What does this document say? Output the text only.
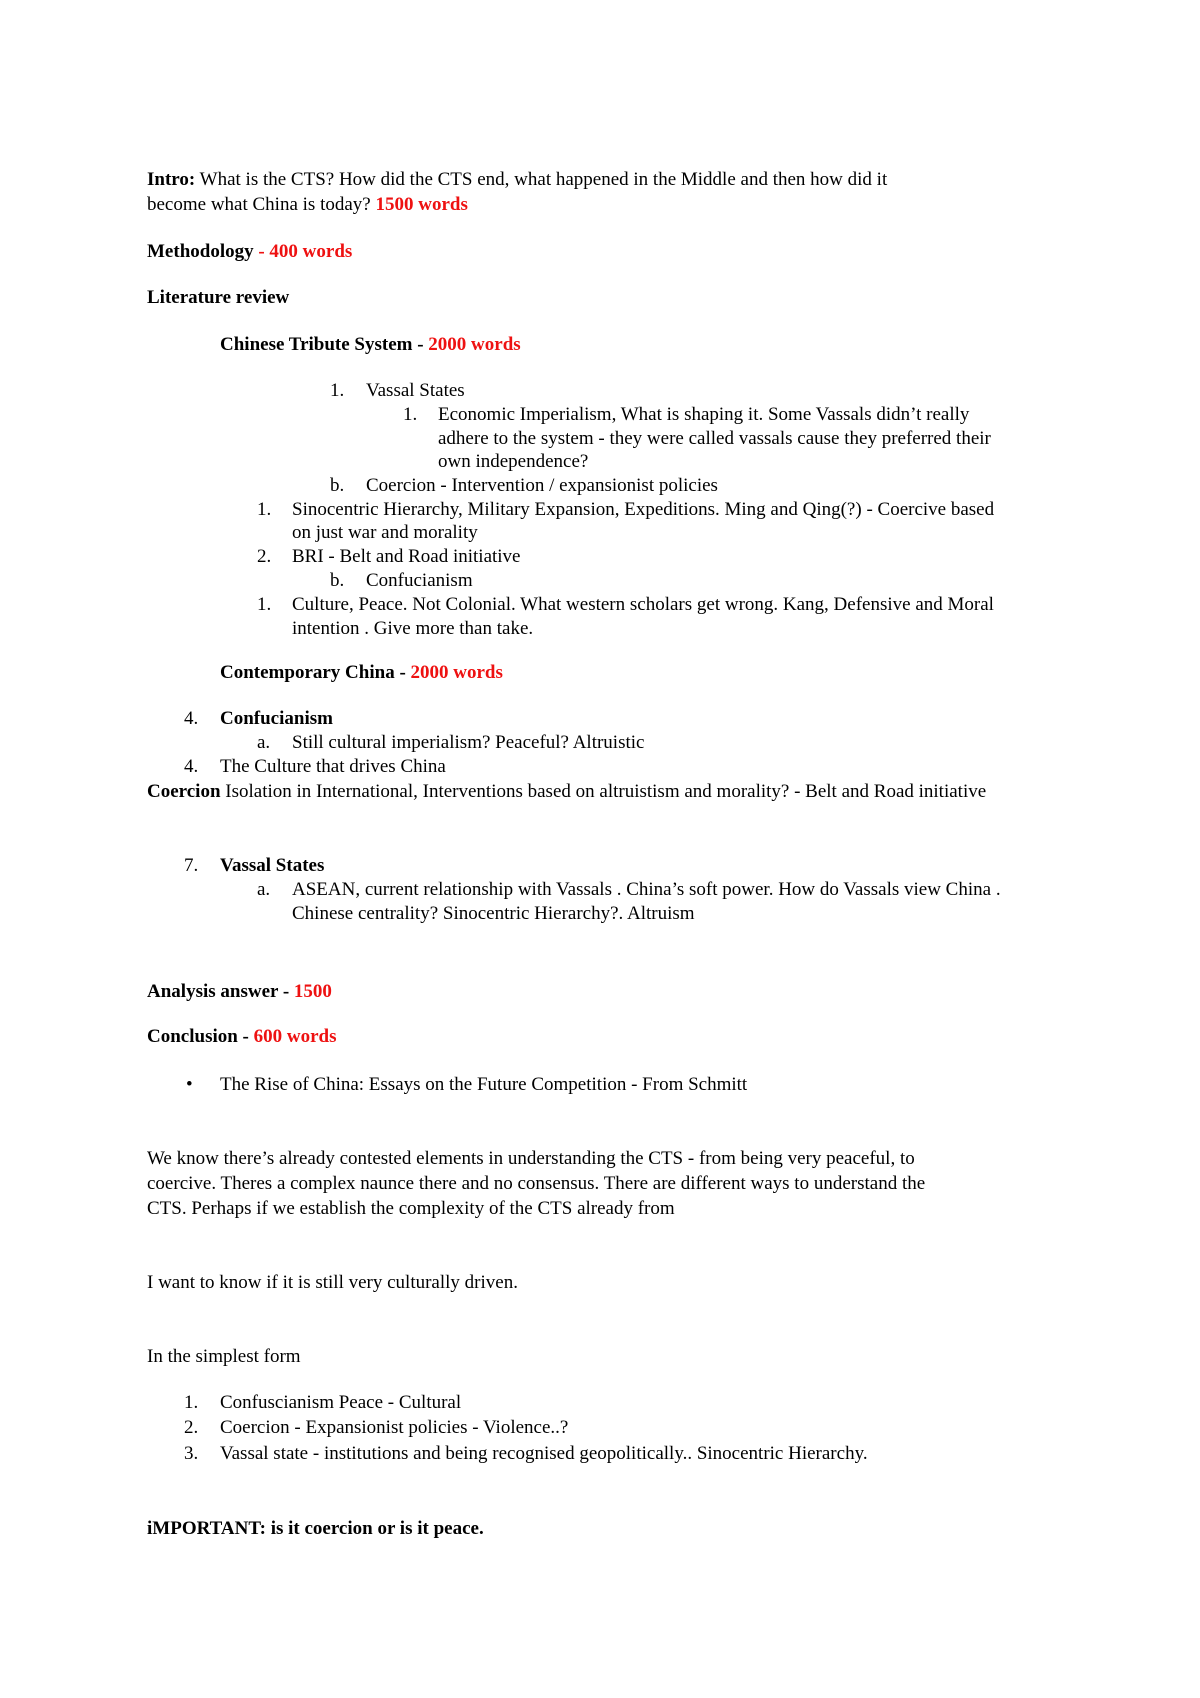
Intro: What is the CTS? How did the CTS end, what happened in the Middle and then how did it
become what China is today? 1500 words
Methodology - 400 words
Literature review
Chinese Tribute System - 2000 words
1. Vassal States
1. Economic Imperialism, What is shaping it. Some Vassals didn’t really
adhere to the system - they were called vassals cause they preferred their
own independence?
b. Coercion - Intervention / expansionist policies
1. Sinocentric Hierarchy, Military Expansion, Expeditions. Ming and Qing(?) - Coercive based
on just war and morality
2. BRI - Belt and Road initiative
b. Confucianism
1. Culture, Peace. Not Colonial. What western scholars get wrong. Kang, Defensive and Moral
intention . Give more than take.
Contemporary China - 2000 words
4. Confucianism
a. Still cultural imperialism? Peaceful? Altruistic
4. The Culture that drives China
Coercion Isolation in International, Interventions based on altruistism and morality? - Belt and Road initiative
7. Vassal States
a. ASEAN, current relationship with Vassals . China’s soft power. How do Vassals view China .
Chinese centrality? Sinocentric Hierarchy?. Altruism
Analysis answer - 1500
Conclusion - 600 words
• The Rise of China: Essays on the Future Competition - From Schmitt
We know there’s already contested elements in understanding the CTS - from being very peaceful, to
coercive. Theres a complex naunce there and no consensus. There are different ways to understand the
CTS. Perhaps if we establish the complexity of the CTS already from
I want to know if it is still very culturally driven.
In the simplest form
1. Confuscianism Peace - Cultural
2. Coercion - Expansionist policies - Violence..?
3. Vassal state - institutions and being recognised geopolitically.. Sinocentric Hierarchy.
iMPORTANT: is it coercion or is it peace.
